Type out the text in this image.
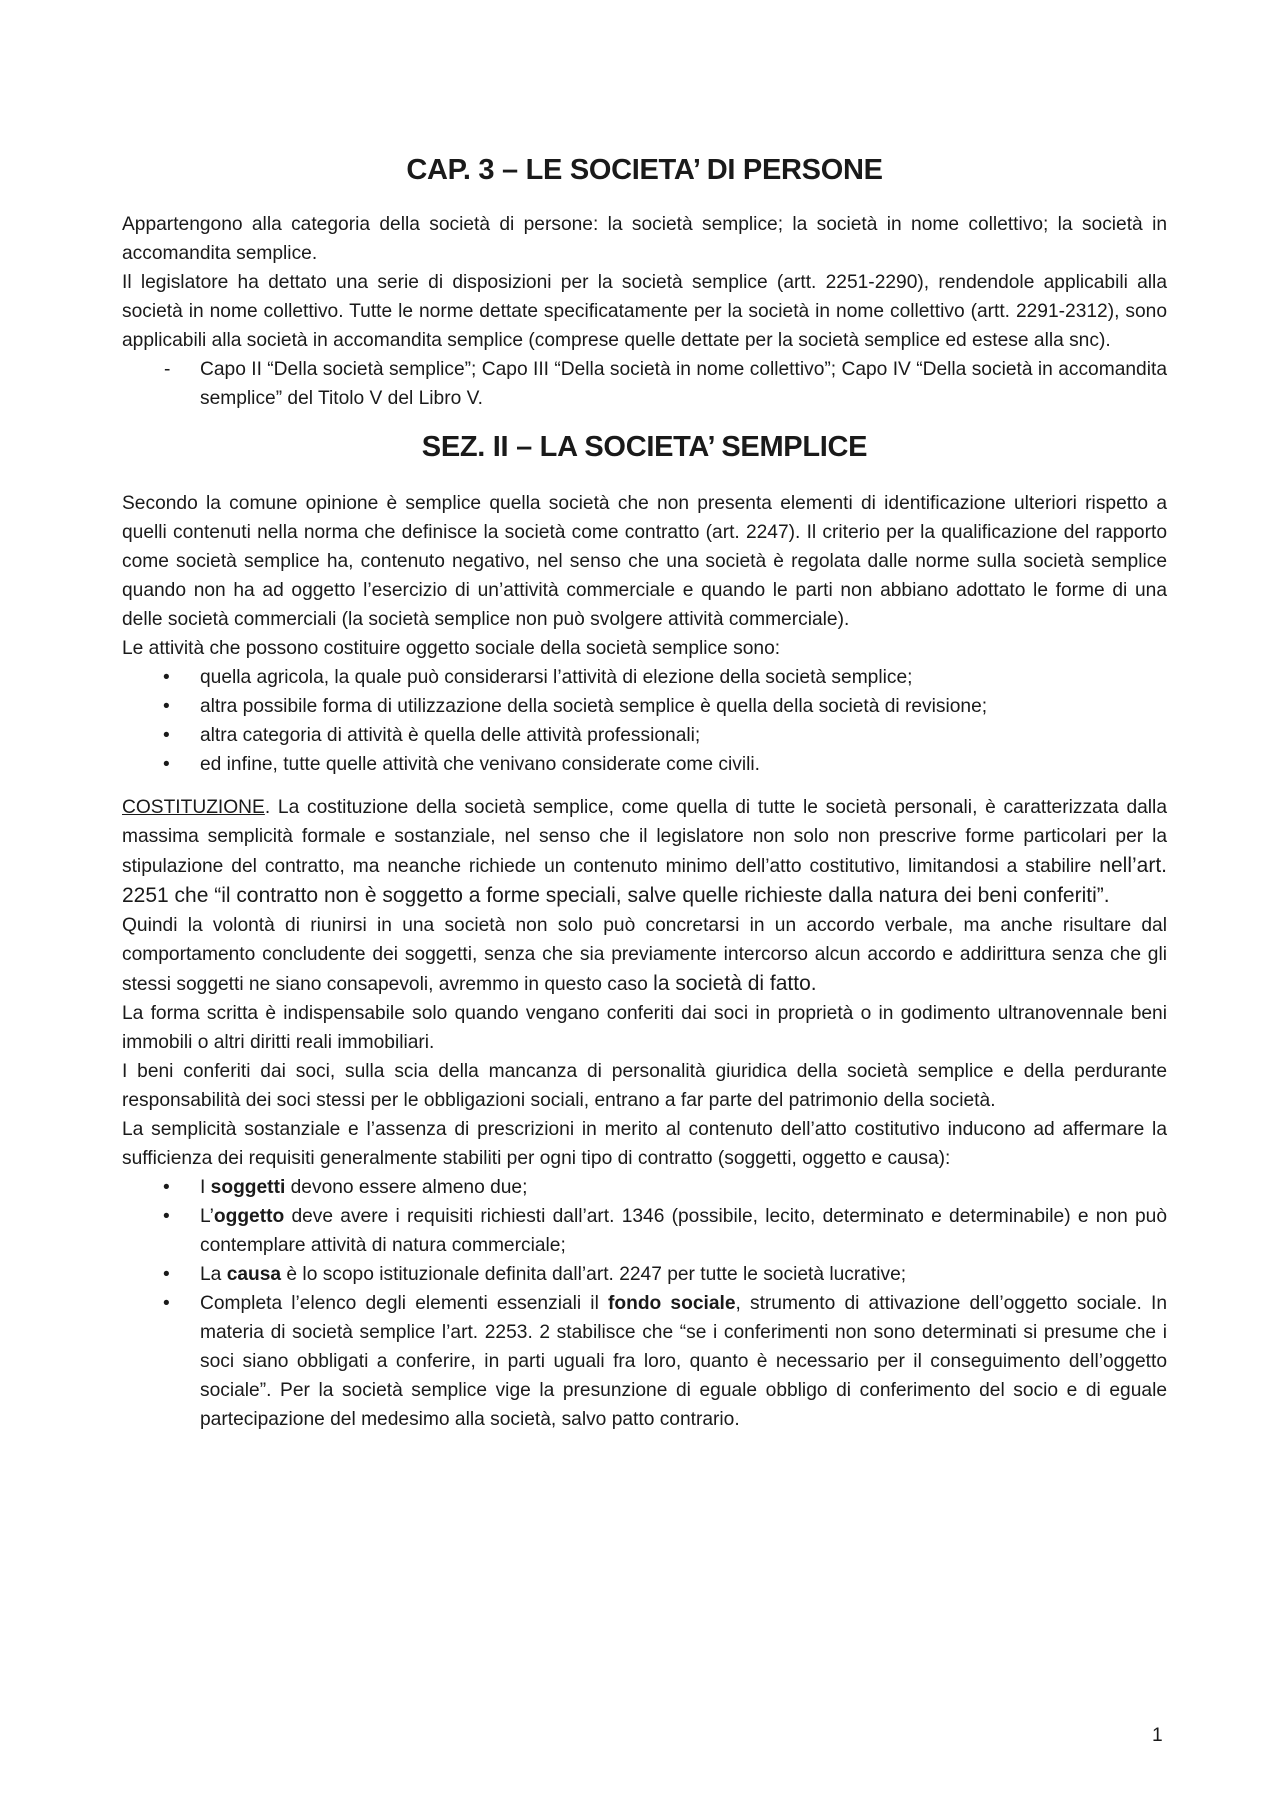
CAP. 3 – LE SOCIETA’ DI PERSONE

Appartengono alla categoria della società di persone: la società semplice; la società in nome collettivo; la società in accomandita semplice.

Il legislatore ha dettato una serie di disposizioni per la società semplice (artt. 2251-2290), rendendole applicabili alla società in nome collettivo. Tutte le norme dettate specificatamente per la società in nome collettivo (artt. 2291-2312), sono applicabili alla società in accomandita semplice (comprese quelle dettate per la società semplice ed estese alla snc).

- Capo II “Della società semplice”; Capo III “Della società in nome collettivo”; Capo IV “Della società in accomandita semplice” del Titolo V del Libro V.
SEZ. II – LA SOCIETA’ SEMPLICE

Secondo la comune opinione è semplice quella società che non presenta elementi di identificazione ulteriori rispetto a quelli contenuti nella norma che definisce la società come contratto (art. 2247). Il criterio per la qualificazione del rapporto come società semplice ha, contenuto negativo, nel senso che una società è regolata dalle norme sulla società semplice quando non ha ad oggetto l’esercizio di un’attività commerciale e quando le parti non abbiano adottato le forme di una delle società commerciali (la società semplice non può svolgere attività commerciale).

Le attività che possono costituire oggetto sociale della società semplice sono:

• quella agricola, la quale può considerarsi l’attività di elezione della società semplice;
• altra possibile forma di utilizzazione della società semplice è quella della società di revisione;
• altra categoria di attività è quella delle attività professionali;
• ed infine, tutte quelle attività che venivano considerate come civili.

COSTITUZIONE. La costituzione della società semplice, come quella di tutte le società personali, è caratterizzata dalla massima semplicità formale e sostanziale, nel senso che il legislatore non solo non prescrive forme particolari per la stipulazione del contratto, ma neanche richiede un contenuto minimo dell’atto costitutivo, limitandosi a stabilire nell’art. 2251 che “il contratto non è soggetto a forme speciali, salve quelle richieste dalla natura dei beni conferiti”.

Quindi la volontà di riunirsi in una società non solo può concretarsi in un accordo verbale, ma anche risultare dal comportamento concludente dei soggetti, senza che sia previamente intercorso alcun accordo e addirittura senza che gli stessi soggetti ne siano consapevoli, avremmo in questo caso la società di fatto.

La forma scritta è indispensabile solo quando vengano conferiti dai soci in proprietà o in godimento ultranovennale beni immobili o altri diritti reali immobiliari.

I beni conferiti dai soci, sulla scia della mancanza di personalità giuridica della società semplice e della perdurante responsabilità dei soci stessi per le obbligazioni sociali, entrano a far parte del patrimonio della società.

La semplicità sostanziale e l’assenza di prescrizioni in merito al contenuto dell’atto costitutivo inducono ad affermare la sufficienza dei requisiti generalmente stabiliti per ogni tipo di contratto (soggetti, oggetto e causa):

• I soggetti devono essere almeno due;
• L’oggetto deve avere i requisiti richiesti dall’art. 1346 (possibile, lecito, determinato e determinabile) e non può contemplare attività di natura commerciale;
• La causa è lo scopo istituzionale definita dall’art. 2247 per tutte le società lucrative;
• Completa l’elenco degli elementi essenziali il fondo sociale, strumento di attivazione dell’oggetto sociale. In materia di società semplice l’art. 2253. 2 stabilisce che “se i conferimenti non sono determinati si presume che i soci siano obbligati a conferire, in parti uguali fra loro, quanto è necessario per il conseguimento dell’oggetto sociale”. Per la società semplice vige la presunzione di eguale obbligo di conferimento del socio e di eguale partecipazione del medesimo alla società, salvo patto contrario.
1
